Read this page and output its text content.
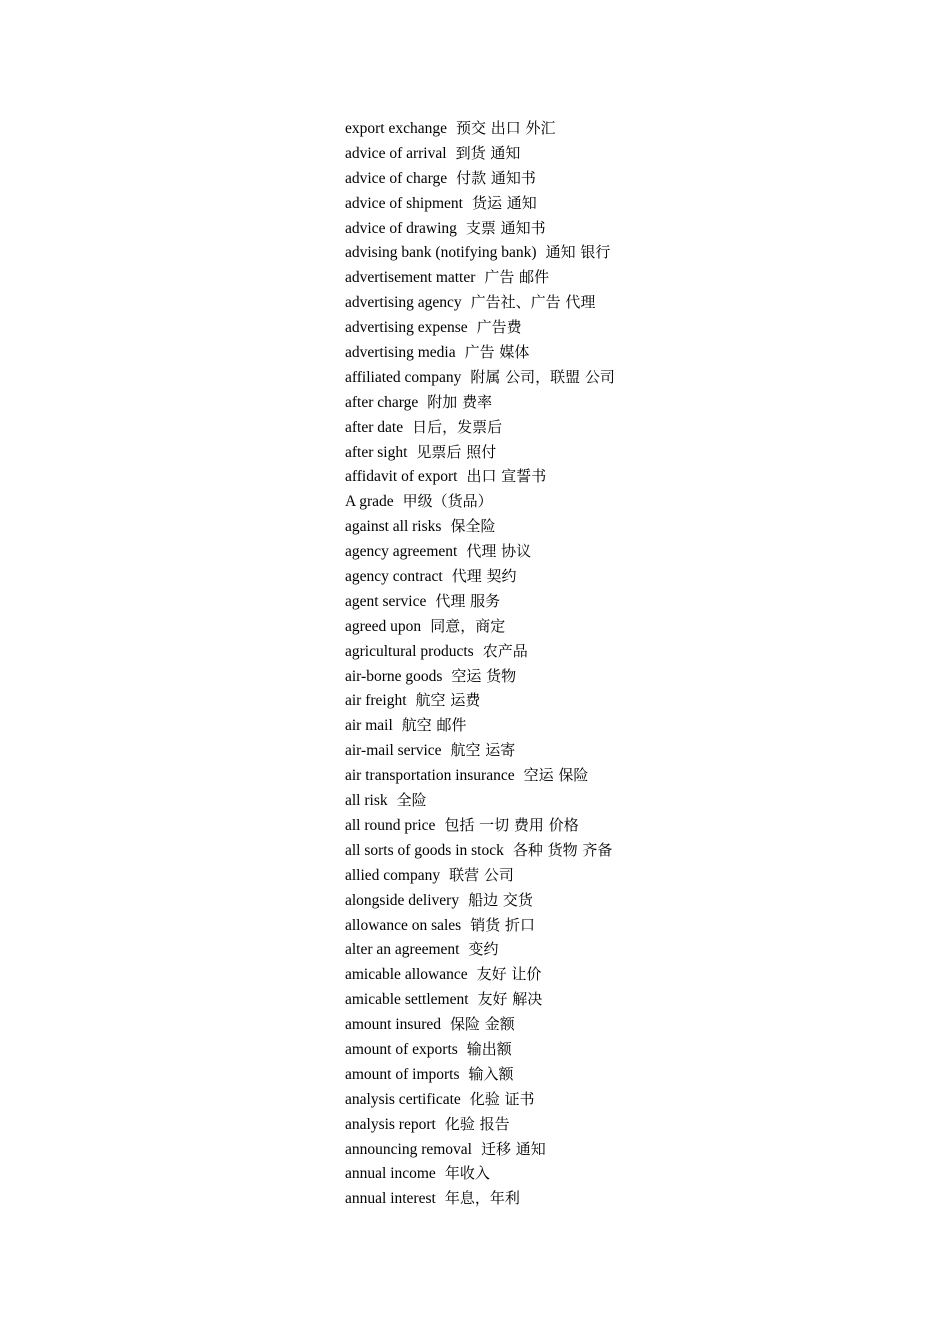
export exchange 预交 出口 外汇
advice of arrival 到货 通知
advice of charge 付款 通知书
advice of shipment 货运 通知
advice of drawing 支票 通知书
advising bank (notifying bank) 通知 银行
advertisement matter 广告 邮件
advertising agency 广告社、广告 代理
advertising expense 广告费
advertising media 广告 媒体
affiliated company 附属 公司，联盟 公司
after charge 附加 费率
after date 日后，发票后
after sight 见票后 照付
affidavit of export 出口 宣誓书
A grade 甲级（货品）
against all risks 保全险
agency agreement 代理 协议
agency contract 代理 契约
agent service 代理 服务
agreed upon 同意，商定
agricultural products 农产品
air-borne goods 空运 货物
air freight 航空 运费
air mail 航空 邮件
air-mail service 航空 运寄
air transportation insurance 空运 保险
all risk 全险
all round price 包括 一切 费用 价格
all sorts of goods in stock 各种 货物 齐备
allied company 联营 公司
alongside delivery 船边 交货
allowance on sales 销货 折口
alter an agreement 变约
amicable allowance 友好 让价
amicable settlement 友好 解决
amount insured 保险 金额
amount of exports 输出额
amount of imports 输入额
analysis certificate 化验 证书
analysis report 化验 报告
announcing removal 迁移 通知
annual income 年收入
annual interest 年息，年利
